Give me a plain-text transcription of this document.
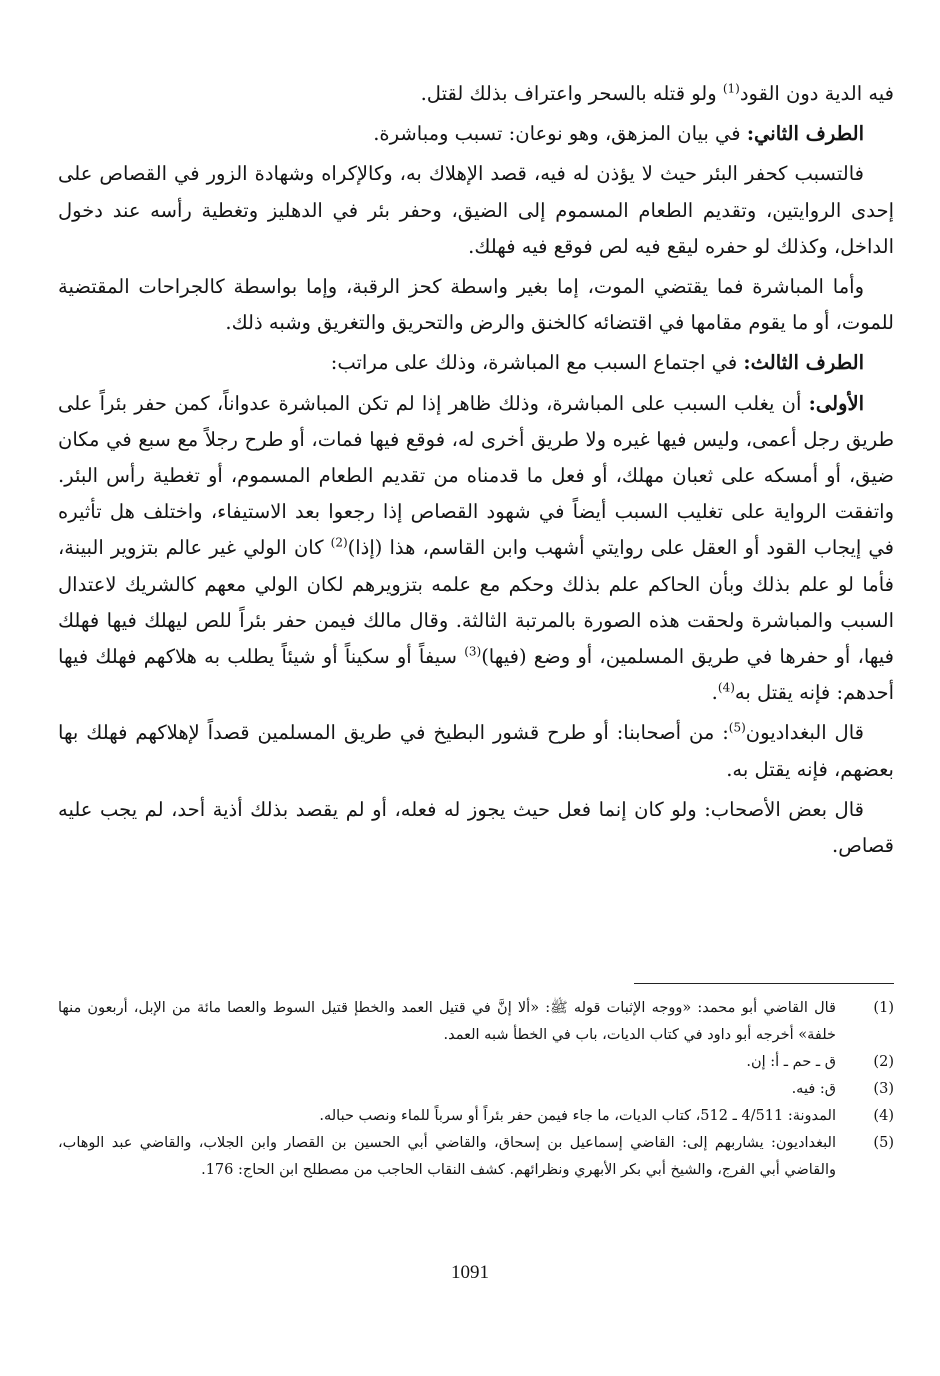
فيه الدية دون القود$^{(1)}$ ولو قتله بالسحر واعتراف بذلك لقتل.

الطرف الثاني: في بيان المزهق، وهو نوعان: تسبب ومباشرة.

فالتسبب كحفر البئر حيث لا يؤذن له فيه، قصد الإهلاك به، وكالإكراه وشهادة الزور في القصاص على إحدى الروايتين، وتقديم الطعام المسموم إلى الضيق، وحفر بئر في الدهليز وتغطية رأسه عند دخول الداخل، وكذلك لو حفره ليقع فيه لص فوقع فيه فهلك.

وأما المباشرة فما يقتضي الموت، إما بغير واسطة كحز الرقبة، وإما بواسطة كالجراحات المقتضية للموت، أو ما يقوم مقامها في اقتضائه كالخنق والرض والتحريق والتغريق وشبه ذلك.

الطرف الثالث: في اجتماع السبب مع المباشرة، وذلك على مراتب:

الأولى: أن يغلب السبب على المباشرة، وذلك ظاهر إذا لم تكن المباشرة عدواناً، كمن حفر بئراً على طريق رجل أعمى، وليس فيها غيره ولا طريق أخرى له، فوقع فيها فمات، أو طرح رجلاً مع سبع في مكان ضيق، أو أمسكه على ثعبان مهلك، أو فعل ما قدمناه من تقديم الطعام المسموم، أو تغطية رأس البئر. واتفقت الرواية على تغليب السبب أيضاً في شهود القصاص إذا رجعوا بعد الاستيفاء، واختلف هل تأثيره في إيجاب القود أو العقل على روايتي أشهب وابن القاسم، هذا (إذا)$^{(2)}$ كان الولي غير عالم بتزوير البينة، فأما لو علم بذلك وبأن الحاكم علم بذلك وحكم مع علمه بتزويرهم لكان الولي معهم كالشريك لاعتدال السبب والمباشرة ولحقت هذه الصورة بالمرتبة الثالثة. وقال مالك فيمن حفر بئراً للص ليهلك فيها فهلك فيها، أو حفرها في طريق المسلمين، أو وضع (فيها)$^{(3)}$ سيفاً أو سكيناً أو شيئاً يطلب به هلاكهم فهلك فيها أحدهم: فإنه يقتل به$^{(4)}$.

قال البغداديون$^{(5)}$: من أصحابنا: أو طرح قشور البطيخ في طريق المسلمين قصداً لإهلاكهم فهلك بها بعضهم، فإنه يقتل به.

قال بعض الأصحاب: ولو كان إنما فعل حيث يجوز له فعله، أو لم يقصد بذلك أذية أحد، لم يجب عليه قصاص.

(1)
قال القاضي أبو محمد: «ووجه الإثبات قوله ﷺ: «ألا إنَّ في قتيل العمد والخطإ قتيل السوط والعصا مائة من الإبل، أربعون منها خلفة» أخرجه أبو داود في كتاب الديات، باب في الخطأ شبه العمد.
(2)
ق ـ حم ـ أ: إن.
(3)
ق: فيه.
(4)
المدونة: 4/511 ـ 512، كتاب الديات، ما جاء فيمن حفر بئراً أو سرباً للماء ونصب حباله.
(5)
البغداديون: يشاربهم إلى: القاضي إسماعيل بن إسحاق، والقاضي أبي الحسين بن القصار وابن الجلاب، والقاضي عبد الوهاب، والقاضي أبي الفرج، والشيخ أبي بكر الأبهري ونظرائهم. كشف النقاب الحاجب من مصطلح ابن الحاج: 176.
1091
